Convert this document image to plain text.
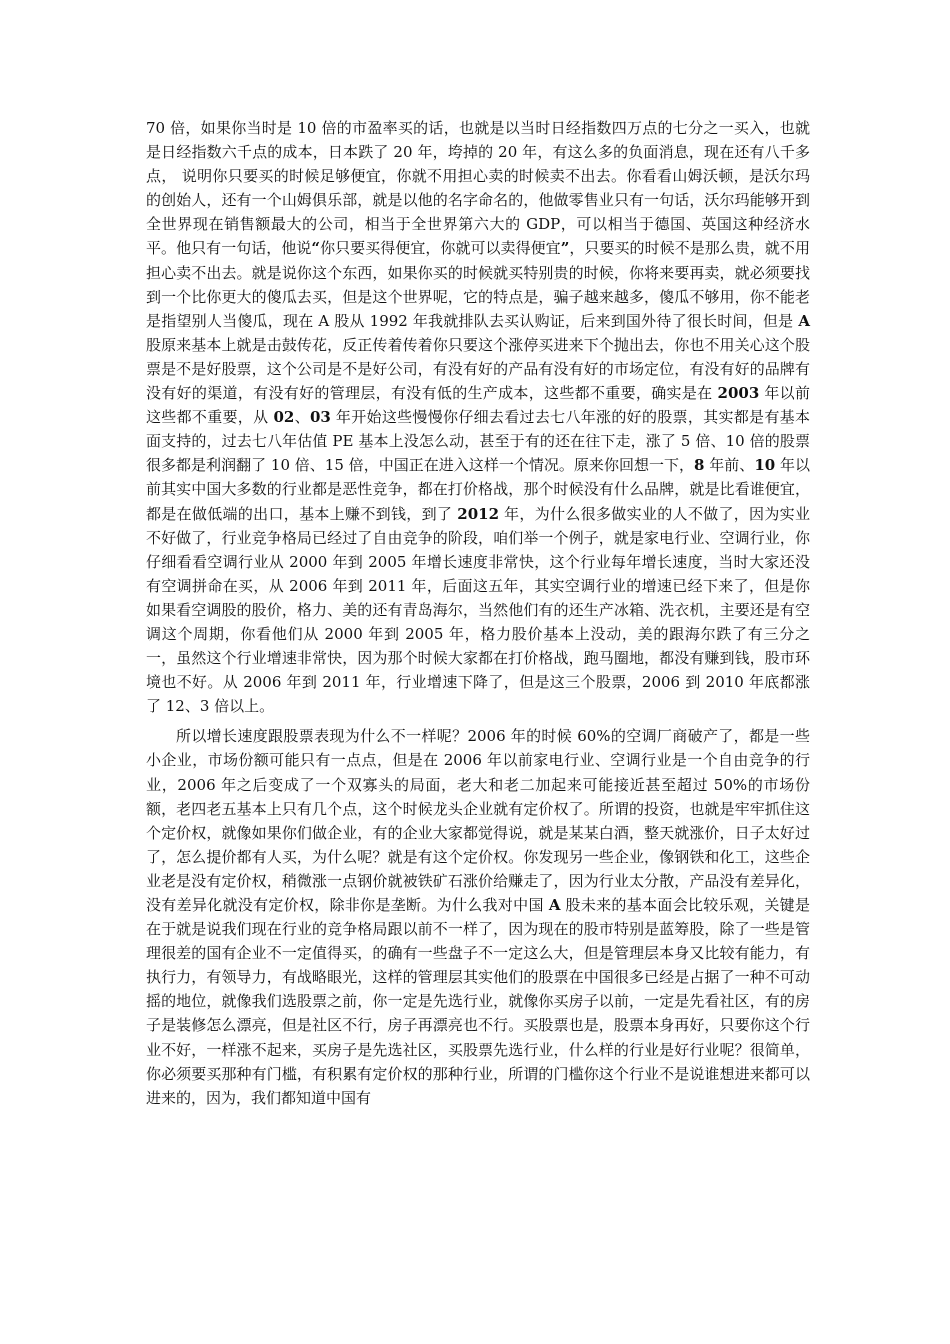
70 倍，如果你当时是 10 倍的市盈率买的话，也就是以当时日经指数四万点的七分之一买入，也就是日经指数六千点的成本，日本跌了 20 年，垮掉的 20 年，有这么多的负面消息，现在还有八千多点， 说明你只要买的时候足够便宜，你就不用担心卖的时候卖不出去。你看看山姆沃顿，是沃尔玛的创始人，还有一个山姆俱乐部，就是以他的名字命名的，他做零售业只有一句话，沃尔玛能够开到全世界现在销售额最大的公司，相当于全世界第六大的 GDP，可以相当于德国、英国这种经济水平。他只有一句话，他说“你只要买得便宜，你就可以卖得便宜”，只要买的时候不是那么贵，就不用担心卖不出去。就是说你这个东西，如果你买的时候就买特别贵的时候，你将来要再卖，就必须要找到一个比你更大的傻瓜去买，但是这个世界呢，它的特点是，骗子越来越多，傻瓜不够用，你不能老是指望别人当傻瓜，现在 A 股从 1992 年我就排队去买认购证，后来到国外待了很长时间，但是 A 股原来基本上就是击鼓传花，反正传着传着你只要这个涨停买进来下个抛出去，你也不用关心这个股票是不是好股票，这个公司是不是好公司，有没有好的产品有没有好的市场定位，有没有好的品牌有没有好的渠道，有没有好的管理层，有没有低的生产成本，这些都不重要，确实是在 2003 年以前这些都不重要，从 02、03 年开始这些慢慢你仔细去看过去七八年涨的好的股票，其实都是有基本面支持的，过去七八年估值 PE 基本上没怎么动，甚至于有的还在往下走，涨了 5 倍、10 倍的股票很多都是利润翻了 10 倍、15 倍，中国正在进入这样一个情况。原来你回想一下，8 年前、10 年以前其实中国大多数的行业都是恶性竞争，都在打价格战，那个时候没有什么品牌，就是比看谁便宜，都是在做低端的出口，基本上赚不到钱，到了 2012 年，为什么很多做实业的人不做了，因为实业不好做了，行业竞争格局已经过了自由竞争的阶段，咱们举一个例子，就是家电行业、空调行业，你仔细看看空调行业从 2000 年到 2005 年增长速度非常快，这个行业每年增长速度，当时大家还没有空调拼命在买，从 2006 年到 2011 年，后面这五年，其实空调行业的增速已经下来了，但是你如果看空调股的股价，格力、美的还有青岛海尔，当然他们有的还生产冰箱、洗衣机，主要还是有空调这个周期，你看他们从 2000 年到 2005 年，格力股价基本上没动，美的跟海尔跌了有三分之一，虽然这个行业增速非常快，因为那个时候大家都在打价格战，跑马圈地，都没有赚到钱，股市环境也不好。从 2006 年到 2011 年，行业增速下降了，但是这三个股票，2006 到 2010 年底都涨了 12、3 倍以上。

所以增长速度跟股票表现为什么不一样呢？2006 年的时候 60%的空调厂商破产了，都是一些小企业，市场份额可能只有一点点，但是在 2006 年以前家电行业、空调行业是一个自由竞争的行业，2006 年之后变成了一个双寡头的局面，老大和老二加起来可能接近甚至超过 50%的市场份额，老四老五基本上只有几个点，这个时候龙头企业就有定价权了。所谓的投资，也就是牢牢抓住这个定价权，就像如果你们做企业，有的企业大家都觉得说，就是某某白酒，整天就涨价，日子太好过了，怎么提价都有人买，为什么呢？就是有这个定价权。你发现另一些企业，像钢铁和化工，这些企业老是没有定价权，稍微涨一点钢价就被铁矿石涨价给赚走了，因为行业太分散，产品没有差异化，没有差异化就没有定价权，除非你是垄断。为什么我对中国 A 股未来的基本面会比较乐观，关键是在于就是说我们现在行业的竞争格局跟以前不一样了，因为现在的股市特别是蓝筹股，除了一些是管理很差的国有企业不一定值得买，的确有一些盘子不一定这么大，但是管理层本身又比较有能力，有执行力，有领导力，有战略眼光，这样的管理层其实他们的股票在中国很多已经是占据了一种不可动摇的地位，就像我们选股票之前，你一定是先选行业，就像你买房子以前，一定是先看社区，有的房子是装修怎么漂亮，但是社区不行，房子再漂亮也不行。买股票也是，股票本身再好，只要你这个行业不好，一样涨不起来，买房子是先选社区，买股票先选行业，什么样的行业是好行业呢？很简单，你必须要买那种有门槛，有积累有定价权的那种行业，所谓的门槛你这个行业不是说谁想进来都可以进来的，因为，我们都知道中国有
